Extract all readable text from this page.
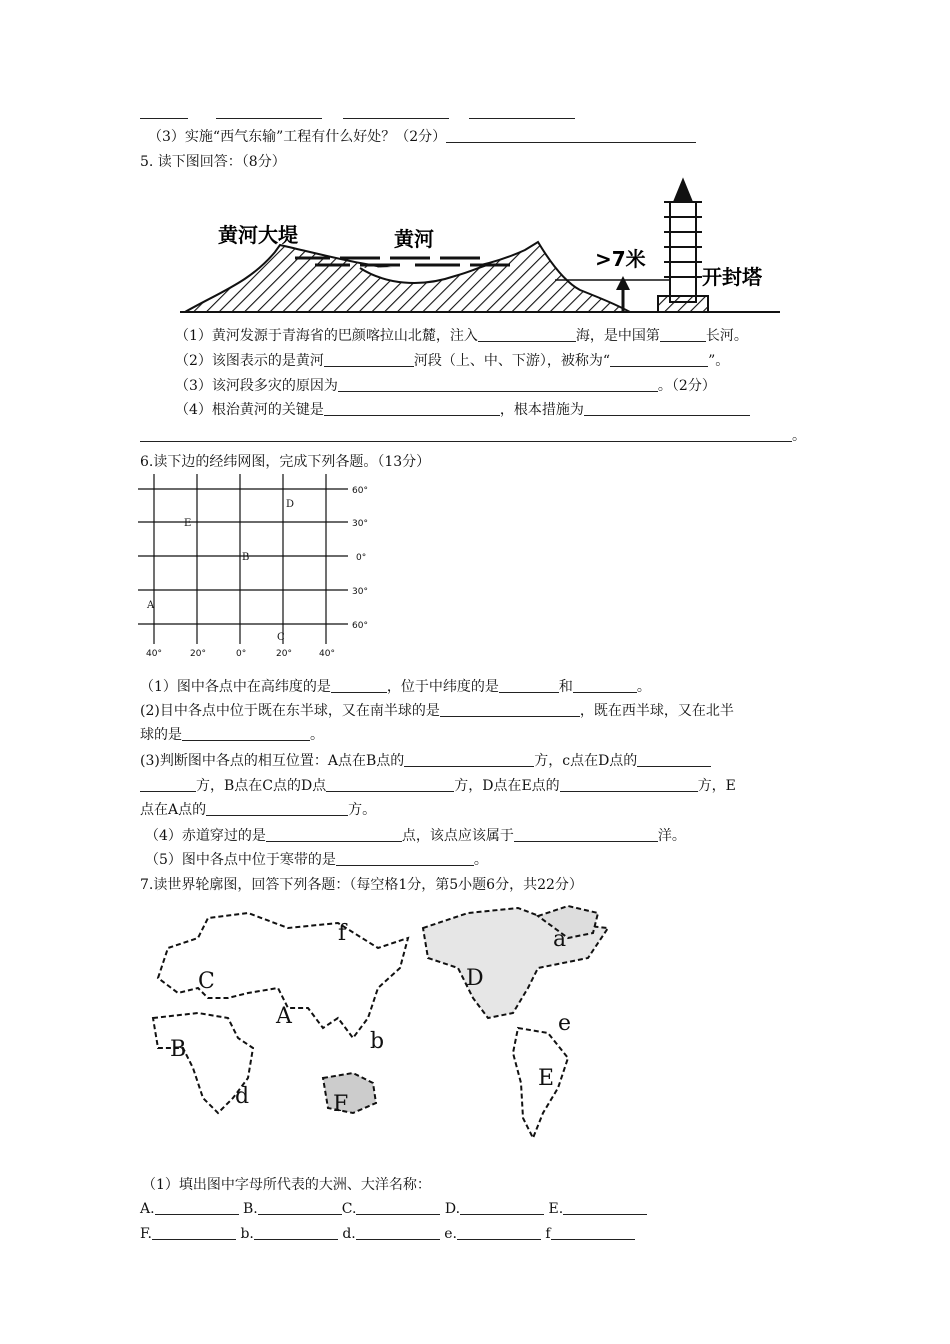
（3）实施“西气东输”工程有什么好处？（2分）
5. 读下图回答：（8分）
黄河大堤	黄河
>7米
开封塔
（1）黄河发源于青海省的巴颜喀拉山北麓，注入	海，是中国第	长河。
（2）该图表示的是黄河	河段（上、中、下游），被称为“	”。
（3）该河段多灾的原因为	。（2分）
（4）根治黄河的关键是	，根本措施为
。
6.读下边的经纬网图，完成下列各题。（13分）
60°
30°
0°
30°
60°
40°	20°	0°	20°	40°
D
E
B
A
C
（1）图中各点中在高纬度的是	，位于中纬度的是	和	。
(2)目中各点中位于既在东半球，又在南半球的是	，既在西半球，又在北半
球的是	。
(3)判断图中各点的相互位置：A点在B点的	方，c点在D点的
方，B点在C点的D点	方，D点在E点的	方，E
点在A点的	方。
（4）赤道穿过的是	点，该点应该属于	洋。
（5）图中各点中位于寒带的是	。
7.读世界轮廓图，回答下列各题：（每空格1分，第5小题6分，共22分）
A
B
C	D
E
F
a
b
d
e
f
（1）填出图中字母所代表的大洲、大洋名称：
A.	B.	C.	D.	E.
F.	b.	d.	e.	f
